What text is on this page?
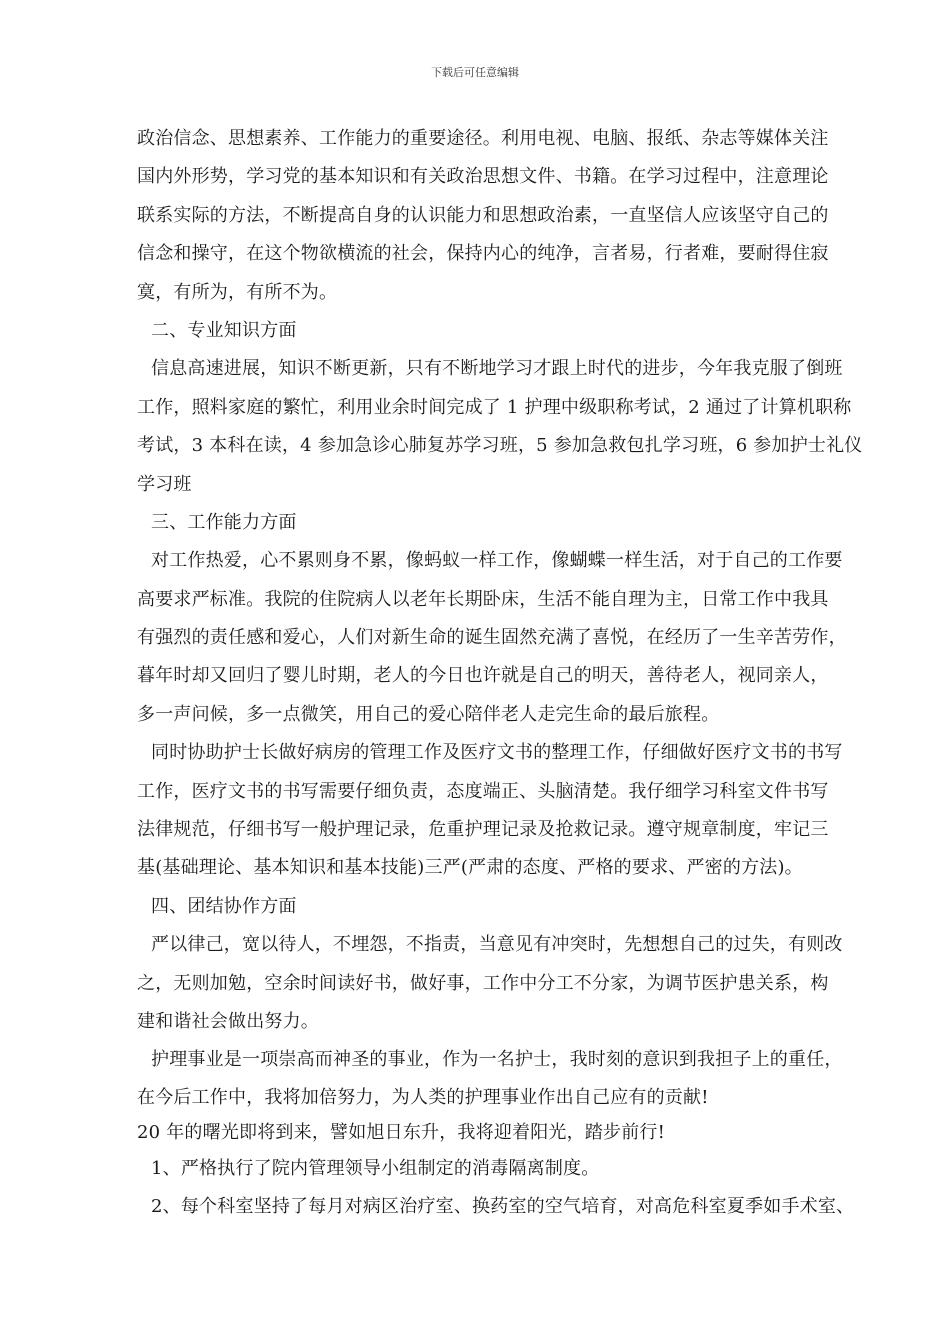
下载后可任意编辑
政治信念、思想素养、工作能力的重要途径。利用电视、电脑、报纸、杂志等媒体关注
国内外形势，学习党的基本知识和有关政治思想文件、书籍。在学习过程中，注意理论
联系实际的方法，不断提高自身的认识能力和思想政治素，一直坚信人应该坚守自己的
信念和操守，在这个物欲横流的社会，保持内心的纯净，言者易，行者难，要耐得住寂
寞，有所为，有所不为。
二、专业知识方面
信息高速进展，知识不断更新，只有不断地学习才跟上时代的进步，今年我克服了倒班
工作，照料家庭的繁忙，利用业余时间完成了 1 护理中级职称考试，2 通过了计算机职称
考试，3 本科在读，4 参加急诊心肺复苏学习班，5 参加急救包扎学习班，6 参加护士礼仪
学习班
三、工作能力方面
对工作热爱，心不累则身不累，像蚂蚁一样工作，像蝴蝶一样生活，对于自己的工作要
高要求严标准。我院的住院病人以老年长期卧床，生活不能自理为主，日常工作中我具
有强烈的责任感和爱心，人们对新生命的诞生固然充满了喜悦，在经历了一生辛苦劳作，
暮年时却又回归了婴儿时期，老人的今日也许就是自己的明天，善待老人，视同亲人，
多一声问候，多一点微笑，用自己的爱心陪伴老人走完生命的最后旅程。
同时协助护士长做好病房的管理工作及医疗文书的整理工作，仔细做好医疗文书的书写
工作，医疗文书的书写需要仔细负责，态度端正、头脑清楚。我仔细学习科室文件书写
法律规范，仔细书写一般护理记录，危重护理记录及抢救记录。遵守规章制度，牢记三
基(基础理论、基本知识和基本技能)三严(严肃的态度、严格的要求、严密的方法)。
四、团结协作方面
严以律己，宽以待人，不埋怨，不指责，当意见有冲突时，先想想自己的过失，有则改
之，无则加勉，空余时间读好书，做好事，工作中分工不分家，为调节医护患关系，构
建和谐社会做出努力。
护理事业是一项崇高而神圣的事业，作为一名护士，我时刻的意识到我担子上的重任，
在今后工作中，我将加倍努力，为人类的护理事业作出自己应有的贡献!
20 年的曙光即将到来，譬如旭日东升，我将迎着阳光，踏步前行!
1、严格执行了院内管理领导小组制定的消毒隔离制度。
2、每个科室坚持了每月对病区治疗室、换药室的空气培育，对高危科室夏季如手术室、
